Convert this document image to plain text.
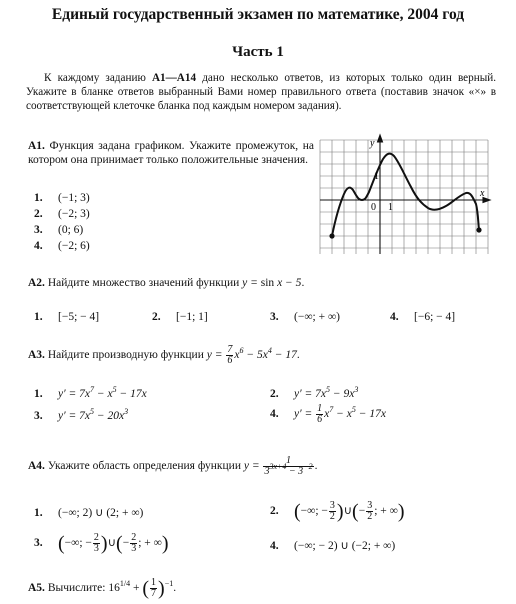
Единый государственный экзамен по математике, 2004 год
Часть 1
К каждому заданию А1—А14 дано несколько ответов, из которых только один верный. Укажите в бланке ответов выбранный Вами номер правильного ответа (поставив значок «×» в соответствующей клеточке бланка под каждым номером задания).
А1. Функция задана графиком. Укажите промежуток, на котором она принимает только положительные значения.
1. (−1; 3)
2. (−2; 3)
3. (0; 6)
4. (−2; 6)
y
x
1
0 1
А2. Найдите множество значений функции y = sin x − 5.
1. [−5; − 4]	2. [−1; 1]	3. (−∞; + ∞)	4. [−6; − 4]
А3. Найдите производную функции $y = \frac{7}{6} x^6 - 5x^4 - 17$.
1. $y' = 7x^7 - x^5 - 17x$	2. $y' = 7x^5 - 9x^3$
3. $y' = 7x^5 - 20x^3$	4. $y' = \frac{1}{6} x^7 - x^5 - 17x$
А4. Укажите область определения функции $y = \frac{1}{3^{3x+4} - 3^{-2}}$ .
1. (−∞; 2) ∪ (2; + ∞)	2. (−∞; − $\frac{3}{2}$ )∪(− $\frac{3}{2}$ ; + ∞)
3. (−∞; − $\frac{2}{3}$ )∪(− $\frac{2}{3}$ ; + ∞)	4. (−∞; − 2) ∪ (−2; + ∞)
А5. Вычислите: $16^{1/4}$ + ( $\frac{1}{7} )^{-1}$.
